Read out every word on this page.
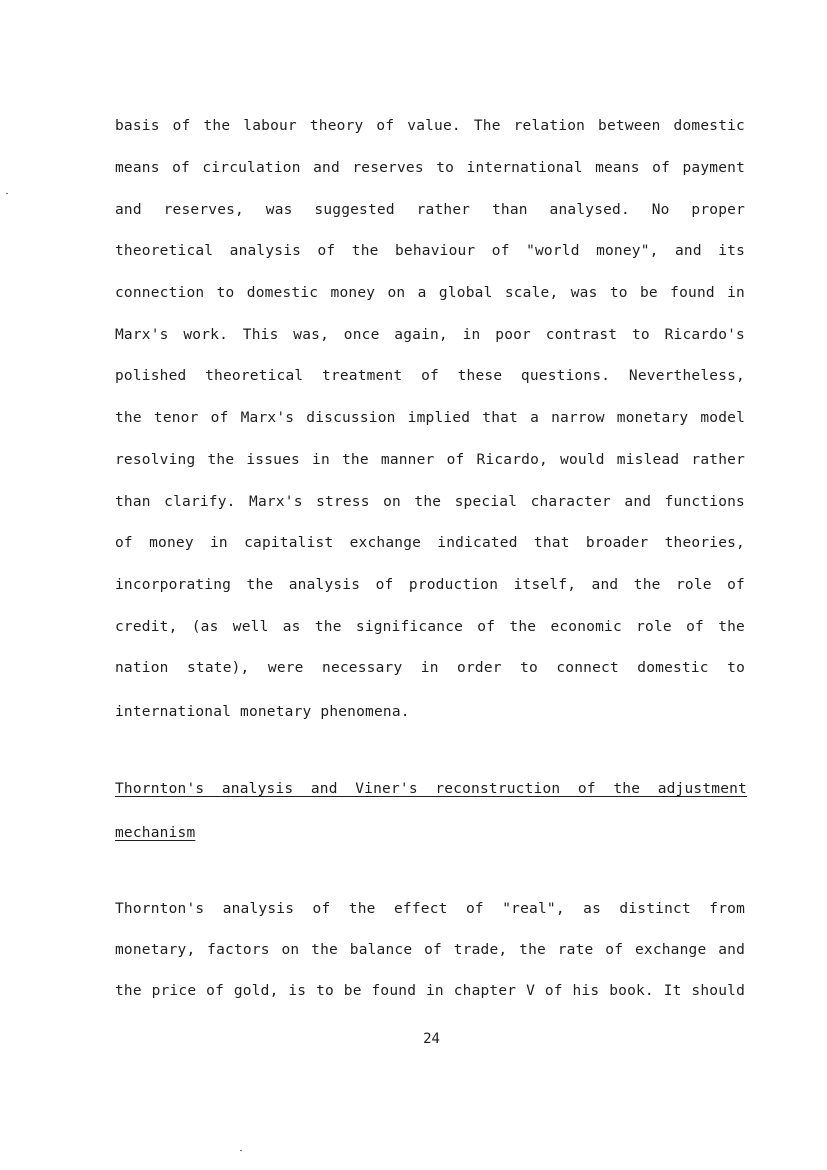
basis of the labour theory of value. The relation between domestic
means of circulation and reserves to international means of payment
and reserves, was suggested rather than analysed. No proper
theoretical analysis of the behaviour of "world money", and its
connection to domestic money on a global scale, was to be found in
Marx's work. This was, once again, in poor contrast to Ricardo's
polished theoretical treatment of these questions. Nevertheless,
the tenor of Marx's discussion implied that a narrow monetary model
resolving the issues in the manner of Ricardo, would mislead rather
than clarify. Marx's stress on the special character and functions
of money in capitalist exchange indicated that broader theories,
incorporating the analysis of production itself, and the role of
credit, (as well as the significance of the economic role of the
nation state), were necessary in order to connect domestic to
international monetary phenomena.
Thornton's analysis and Viner's reconstruction of the adjustment
mechanism
Thornton's analysis of the effect of "real", as distinct from
monetary, factors on the balance of trade, the rate of exchange and
the price of gold, is to be found in chapter V of his book. It should
24
